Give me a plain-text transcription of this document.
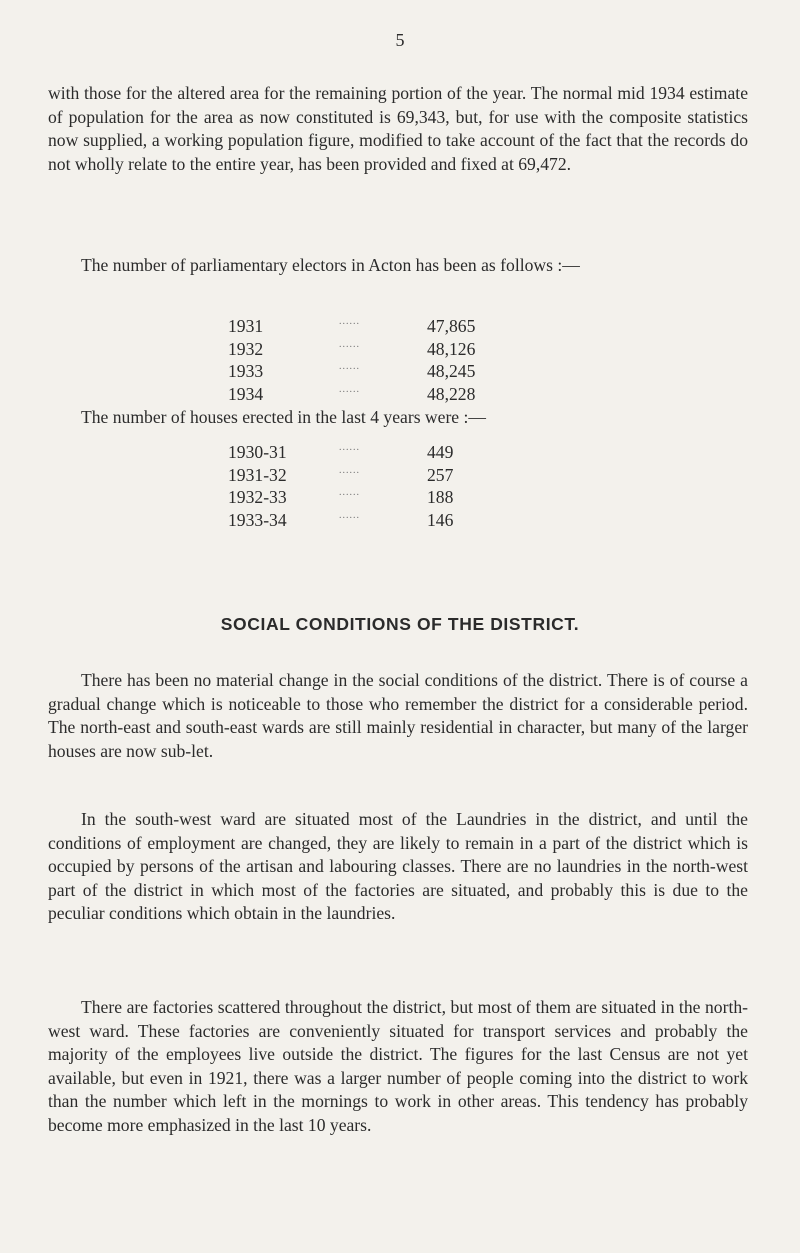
5

with those for the altered area for the remaining portion of the year. The normal mid 1934 estimate of population for the area as now constituted is 69,343, but, for use with the composite statistics now supplied, a working population figure, modified to take account of the fact that the records do not wholly relate to the entire year, has been provided and fixed at 69,472.

The number of parliamentary electors in Acton has been as follows :—

1931	......	47,865
1932	......	48,126
1933	......	48,245
1934	......	48,228

The number of houses erected in the last 4 years were :—

1930-31	......	449
1931-32	......	257
1932-33	......	188
1933-34	......	146
SOCIAL CONDITIONS OF THE DISTRICT.

There has been no material change in the social conditions of the district. There is of course a gradual change which is noticeable to those who remember the district for a considerable period. The north-east and south-east wards are still mainly residential in character, but many of the larger houses are now sub-let.

In the south-west ward are situated most of the Laundries in the district, and until the conditions of employment are changed, they are likely to remain in a part of the district which is occupied by persons of the artisan and labouring classes. There are no laundries in the north-west part of the district in which most of the factories are situated, and probably this is due to the peculiar conditions which obtain in the laundries.

There are factories scattered throughout the district, but most of them are situated in the north-west ward. These factories are conveniently situated for transport services and probably the majority of the employees live outside the district. The figures for the last Census are not yet available, but even in 1921, there was a larger number of people coming into the district to work than the number which left in the mornings to work in other areas. This tendency has probably become more emphasized in the last 10 years.
